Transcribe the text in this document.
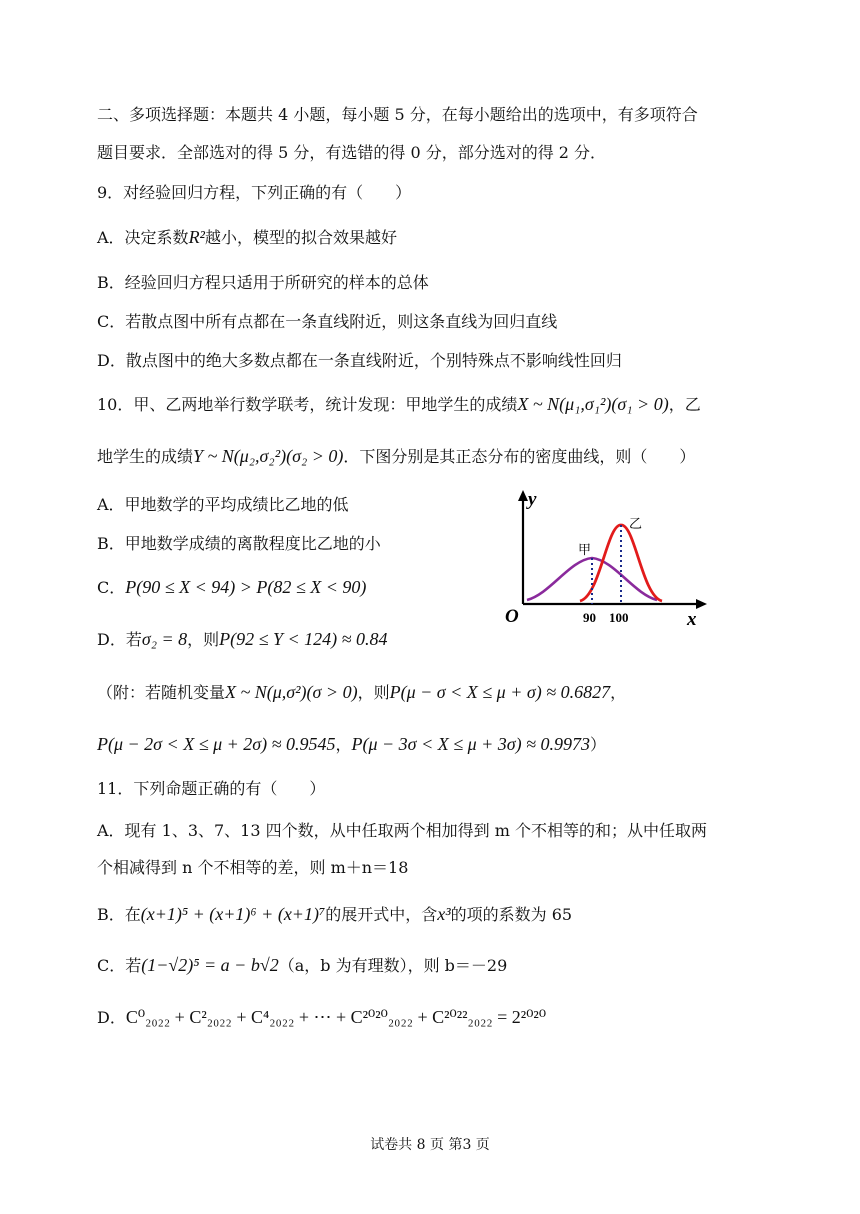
二、多项选择题：本题共 4 小题，每小题 5 分，在每小题给出的选项中，有多项符合
题目要求．全部选对的得 5 分，有选错的得 0 分，部分选对的得 2 分．
9．对经验回归方程，下列正确的有（　　）
A．决定系数R²越小，模型的拟合效果越好
B．经验回归方程只适用于所研究的样本的总体
C．若散点图中所有点都在一条直线附近，则这条直线为回归直线
D．散点图中的绝大多数点都在一条直线附近，个别特殊点不影响线性回归
10．甲、乙两地举行数学联考，统计发现：甲地学生的成绩X ~ N(μ₁,σ₁²)(σ₁ > 0)，乙
地学生的成绩Y ~ N(μ₂,σ₂²)(σ₂ > 0)．下图分别是其正态分布的密度曲线，则（　　）
A．甲地数学的平均成绩比乙地的低
B．甲地数学成绩的离散程度比乙地的小
C．P(90 ≤ X < 94) > P(82 ≤ X < 90)
D．若σ₂ = 8，则P(92 ≤ Y < 124) ≈ 0.84
（附：若随机变量X ~ N(μ,σ²)(σ > 0)，则P(μ − σ < X ≤ μ + σ) ≈ 0.6827，
P(μ − 2σ < X ≤ μ + 2σ) ≈ 0.9545，P(μ − 3σ < X ≤ μ + 3σ) ≈ 0.9973）
y
x
O	90 100
甲
乙
11．下列命题正确的有（　　）
A．现有 1、3、7、13 四个数，从中任取两个相加得到 m 个不相等的和；从中任取两
个相减得到 n 个不相等的差，则 m＋n＝18
B．在(x+1)⁵ + (x+1)⁶ + (x+1)⁷的展开式中，含x³的项的系数为 65
C．若(1−√2)⁵ = a − b√2（a，b 为有理数），则 b＝－29
D．C⁰₂₀₂₂ + C²₂₀₂₂ + C⁴₂₀₂₂ + ⋯ + C²⁰²⁰₂₀₂₂ + C²⁰²²₂₀₂₂ = 2²⁰²⁰
试卷共 8 页 第3 页
